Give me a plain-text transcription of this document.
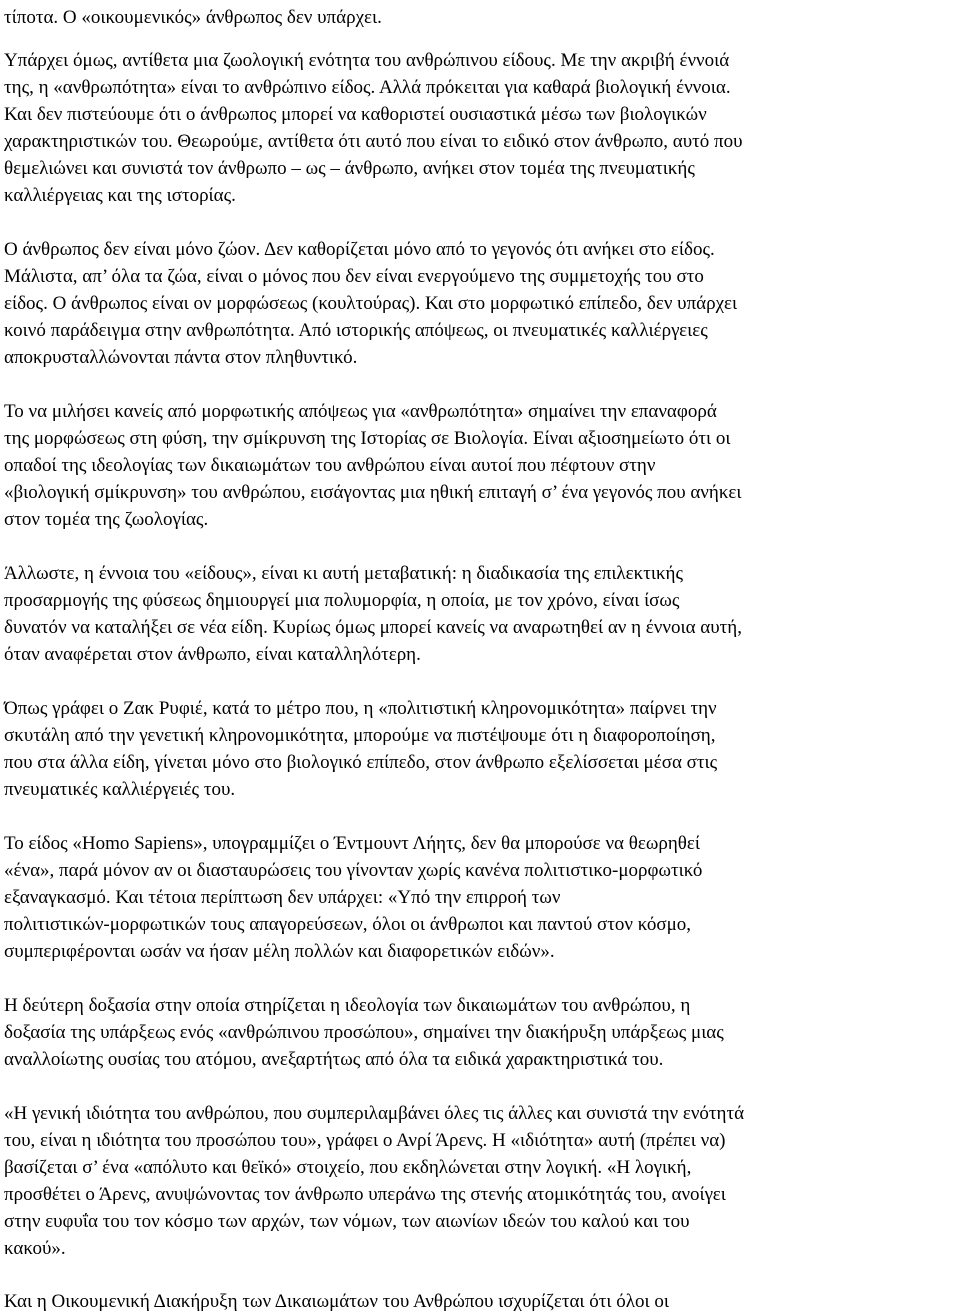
τίποτα. Ο «οικουμενικός» άνθρωπος δεν υπάρχει.

Υπάρχει όμως, αντίθετα μια ζωολογική ενότητα του ανθρώπινου είδους. Με την ακριβή έννοιά
της, η «ανθρωπότητα» είναι το ανθρώπινο είδος. Αλλά πρόκειται για καθαρά βιολογική έννοια.
Και δεν πιστεύουμε ότι ο άνθρωπος μπορεί να καθοριστεί ουσιαστικά μέσω των βιολογικών
χαρακτηριστικών του. Θεωρούμε, αντίθετα ότι αυτό που είναι το ειδικό στον άνθρωπο, αυτό που
θεμελιώνει και συνιστά τον άνθρωπο – ως – άνθρωπο, ανήκει στον τομέα της πνευματικής
καλλιέργειας και της ιστορίας.

Ο άνθρωπος δεν είναι μόνο ζώον. Δεν καθορίζεται μόνο από το γεγονός ότι ανήκει στο είδος.
Μάλιστα, απ’ όλα τα ζώα, είναι ο μόνος που δεν είναι ενεργούμενο της συμμετοχής του στο
είδος. Ο άνθρωπος είναι ον μορφώσεως (κουλτούρας). Και στο μορφωτικό επίπεδο, δεν υπάρχει
κοινό παράδειγμα στην ανθρωπότητα. Από ιστορικής απόψεως, οι πνευματικές καλλιέργειες
αποκρυσταλλώνονται πάντα στον πληθυντικό.

Το να μιλήσει κανείς από μορφωτικής απόψεως για «ανθρωπότητα» σημαίνει την επαναφορά
της μορφώσεως στη φύση, την σμίκρυνση της Ιστορίας σε Βιολογία. Είναι αξιοσημείωτο ότι οι
οπαδοί της ιδεολογίας των δικαιωμάτων του ανθρώπου είναι αυτοί που πέφτουν στην
«βιολογική σμίκρυνση» του ανθρώπου, εισάγοντας μια ηθική επιταγή σ’ ένα γεγονός που ανήκει
στον τομέα της ζωολογίας.

Άλλωστε, η έννοια του «είδους», είναι κι αυτή μεταβατική: η διαδικασία της επιλεκτικής
προσαρμογής της φύσεως δημιουργεί μια πολυμορφία, η οποία, με τον χρόνο, είναι ίσως
δυνατόν να καταλήξει σε νέα είδη. Κυρίως όμως μπορεί κανείς να αναρωτηθεί αν η έννοια αυτή,
όταν αναφέρεται στον άνθρωπο, είναι καταλληλότερη.

Όπως γράφει ο Ζακ Ρυφιέ, κατά το μέτρο που, η «πολιτιστική κληρονομικότητα» παίρνει την
σκυτάλη από την γενετική κληρονομικότητα, μπορούμε να πιστέψουμε ότι η διαφοροποίηση,
που στα άλλα είδη, γίνεται μόνο στο βιολογικό επίπεδο, στον άνθρωπο εξελίσσεται μέσα στις
πνευματικές καλλιέργειές του.

Το είδος «Homo Sapiens», υπογραμμίζει ο Έντμουντ Λήητς, δεν θα μπορούσε να θεωρηθεί
«ένα», παρά μόνον αν οι διασταυρώσεις του γίνονταν χωρίς κανένα πολιτιστικο-μορφωτικό
εξαναγκασμό. Και τέτοια περίπτωση δεν υπάρχει: «Υπό την επιρροή των
πολιτιστικών-μορφωτικών τους απαγορεύσεων, όλοι οι άνθρωποι και παντού στον κόσμο,
συμπεριφέρονται ωσάν να ήσαν μέλη πολλών και διαφορετικών ειδών».

Η δεύτερη δοξασία στην οποία στηρίζεται η ιδεολογία των δικαιωμάτων του ανθρώπου, η
δοξασία της υπάρξεως ενός «ανθρώπινου προσώπου», σημαίνει την διακήρυξη υπάρξεως μιας
αναλλοίωτης ουσίας του ατόμου, ανεξαρτήτως από όλα τα ειδικά χαρακτηριστικά του.

«Η γενική ιδιότητα του ανθρώπου, που συμπεριλαμβάνει όλες τις άλλες και συνιστά την ενότητά
του, είναι η ιδιότητα του προσώπου του», γράφει ο Ανρί Άρενς. Η «ιδιότητα» αυτή (πρέπει να)
βασίζεται σ’ ένα «απόλυτο και θεϊκό» στοιχείο, που εκδηλώνεται στην λογική. «Η λογική,
προσθέτει ο Άρενς, ανυψώνοντας τον άνθρωπο υπεράνω της στενής ατομικότητάς του, ανοίγει
στην ευφυΐα του τον κόσμο των αρχών, των νόμων, των αιωνίων ιδεών του καλού και του
κακού».

Και η Οικουμενική Διακήρυξη των Δικαιωμάτων του Ανθρώπου ισχυρίζεται ότι όλοι οι
